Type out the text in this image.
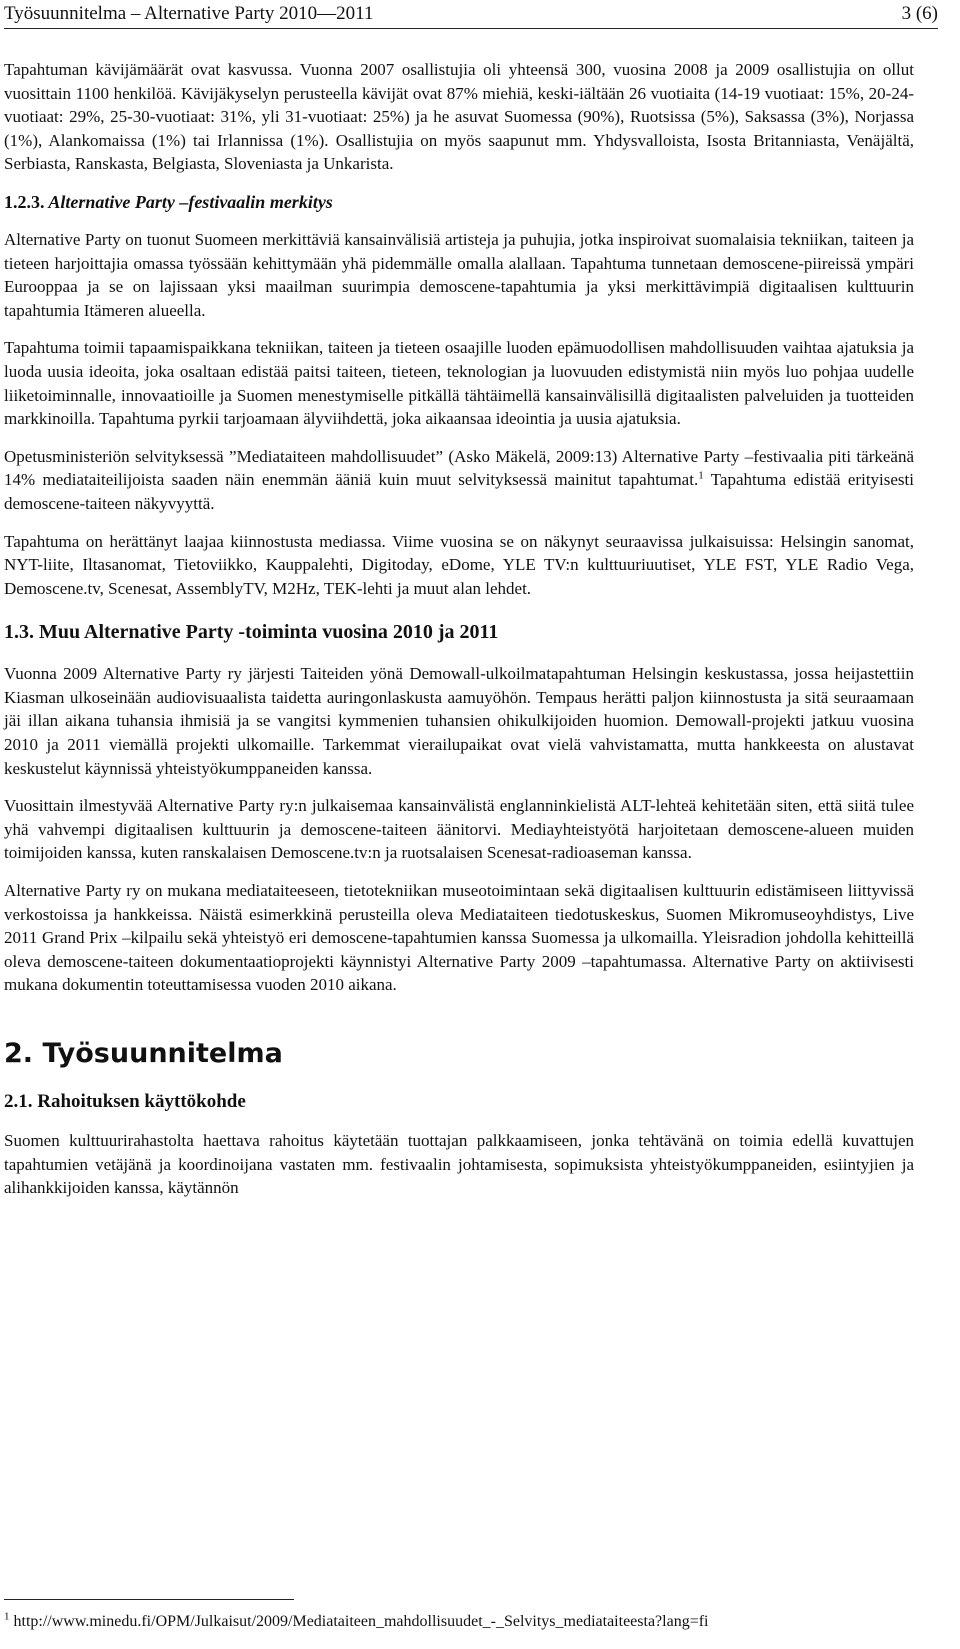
Työsuunnitelma – Alternative Party 2010—2011	3 (6)

Tapahtuman kävijämäärät ovat kasvussa. Vuonna 2007 osallistujia oli yhteensä 300, vuosina 2008 ja 2009 osallistujia on ollut vuosittain 1100 henkilöä. Kävijäkyselyn perusteella kävijät ovat 87% miehiä, keski-iältään 26 vuotiaita (14-19 vuotiaat: 15%, 20-24-vuotiaat: 29%, 25-30-vuotiaat: 31%, yli 31-vuotiaat: 25%) ja he asuvat Suomessa (90%), Ruotsissa (5%), Saksassa (3%), Norjassa (1%), Alankomaissa (1%) tai Irlannissa (1%). Osallistujia on myös saapunut mm. Yhdysvalloista, Isosta Britanniasta, Venäjältä, Serbiasta, Ranskasta, Belgiasta, Sloveniasta ja Unkarista.

1.2.3. Alternative Party –festivaalin merkitys

Alternative Party on tuonut Suomeen merkittäviä kansainvälisiä artisteja ja puhujia, jotka inspiroivat suomalaisia tekniikan, taiteen ja tieteen harjoittajia omassa työssään kehittymään yhä pidemmälle omalla alallaan. Tapahtuma tunnetaan demoscene-piireissä ympäri Eurooppaa ja se on lajissaan yksi maailman suurimpia demoscene-tapahtumia ja yksi merkittävimpiä digitaalisen kulttuurin tapahtumia Itämeren alueella.

Tapahtuma toimii tapaamispaikkana tekniikan, taiteen ja tieteen osaajille luoden epämuodollisen mahdollisuuden vaihtaa ajatuksia ja luoda uusia ideoita, joka osaltaan edistää paitsi taiteen, tieteen, teknologian ja luovuuden edistymistä niin myös luo pohjaa uudelle liiketoiminnalle, innovaatioille ja Suomen menestymiselle pitkällä tähtäimellä kansainvälisillä digitaalisten palveluiden ja tuotteiden markkinoilla. Tapahtuma pyrkii tarjoamaan älyviihdettä, joka aikaansaa ideointia ja uusia ajatuksia.

Opetusministeriön selvityksessä ”Mediataiteen mahdollisuudet” (Asko Mäkelä, 2009:13) Alternative Party –festivaalia piti tärkeänä 14% mediataiteilijoista saaden näin enemmän ääniä kuin muut selvityksessä mainitut tapahtumat.$^1$ Tapahtuma edistää erityisesti demoscene-taiteen näkyvyyttä.

Tapahtuma on herättänyt laajaa kiinnostusta mediassa. Viime vuosina se on näkynyt seuraavissa julkaisuissa: Helsingin sanomat, NYT-liite, Iltasanomat, Tietoviikko, Kauppalehti, Digitoday, eDome, YLE TV:n kulttuuriuutiset, YLE FST, YLE Radio Vega, Demoscene.tv, Scenesat, AssemblyTV, M2Hz, TEK-lehti ja muut alan lehdet.

1.3. Muu Alternative Party -toiminta vuosina 2010 ja 2011

Vuonna 2009 Alternative Party ry järjesti Taiteiden yönä Demowall-ulkoilmatapahtuman Helsingin keskustassa, jossa heijastettiin Kiasman ulkoseinään audiovisuaalista taidetta auringonlaskusta aamuyöhön. Tempaus herätti paljon kiinnostusta ja sitä seuraamaan jäi illan aikana tuhansia ihmisiä ja se vangitsi kymmenien tuhansien ohikulkijoiden huomion. Demowall-projekti jatkuu vuosina 2010 ja 2011 viemällä projekti ulkomaille. Tarkemmat vierailupaikat ovat vielä vahvistamatta, mutta hankkeesta on alustavat keskustelut käynnissä yhteistyökumppaneiden kanssa.

Vuosittain ilmestyvää Alternative Party ry:n julkaisemaa kansainvälistä englanninkielistä ALT-lehteä kehitetään siten, että siitä tulee yhä vahvempi digitaalisen kulttuurin ja demoscene-taiteen äänitorvi. Mediayhteistyötä harjoitetaan demoscene-alueen muiden toimijoiden kanssa, kuten ranskalaisen Demoscene.tv:n ja ruotsalaisen Scenesat-radioaseman kanssa.

Alternative Party ry on mukana mediataiteeseen, tietotekniikan museotoimintaan sekä digitaalisen kulttuurin edistämiseen liittyvissä verkostoissa ja hankkeissa. Näistä esimerkkinä perusteilla oleva Mediataiteen tiedotuskeskus, Suomen Mikromuseoyhdistys, Live 2011 Grand Prix –kilpailu sekä yhteistyö eri demoscene-tapahtumien kanssa Suomessa ja ulkomailla. Yleisradion johdolla kehitteillä oleva demoscene-taiteen dokumentaatioprojekti käynnistyi Alternative Party 2009 –tapahtumassa. Alternative Party on aktiivisesti mukana dokumentin toteuttamisessa vuoden 2010 aikana.

2. Työsuunnitelma
2.1. Rahoituksen käyttökohde

Suomen kulttuurirahastolta haettava rahoitus käytetään tuottajan palkkaamiseen, jonka tehtävänä on toimia edellä kuvattujen tapahtumien vetäjänä ja koordinoijana vastaten mm. festivaalin johtamisesta, sopimuksista yhteistyökumppaneiden, esiintyjien ja alihankkijoiden kanssa, käytännön

$^1$ http://www.minedu.fi/OPM/Julkaisut/2009/Mediataiteen_mahdollisuudet_-_Selvitys_mediataiteesta?lang=fi
